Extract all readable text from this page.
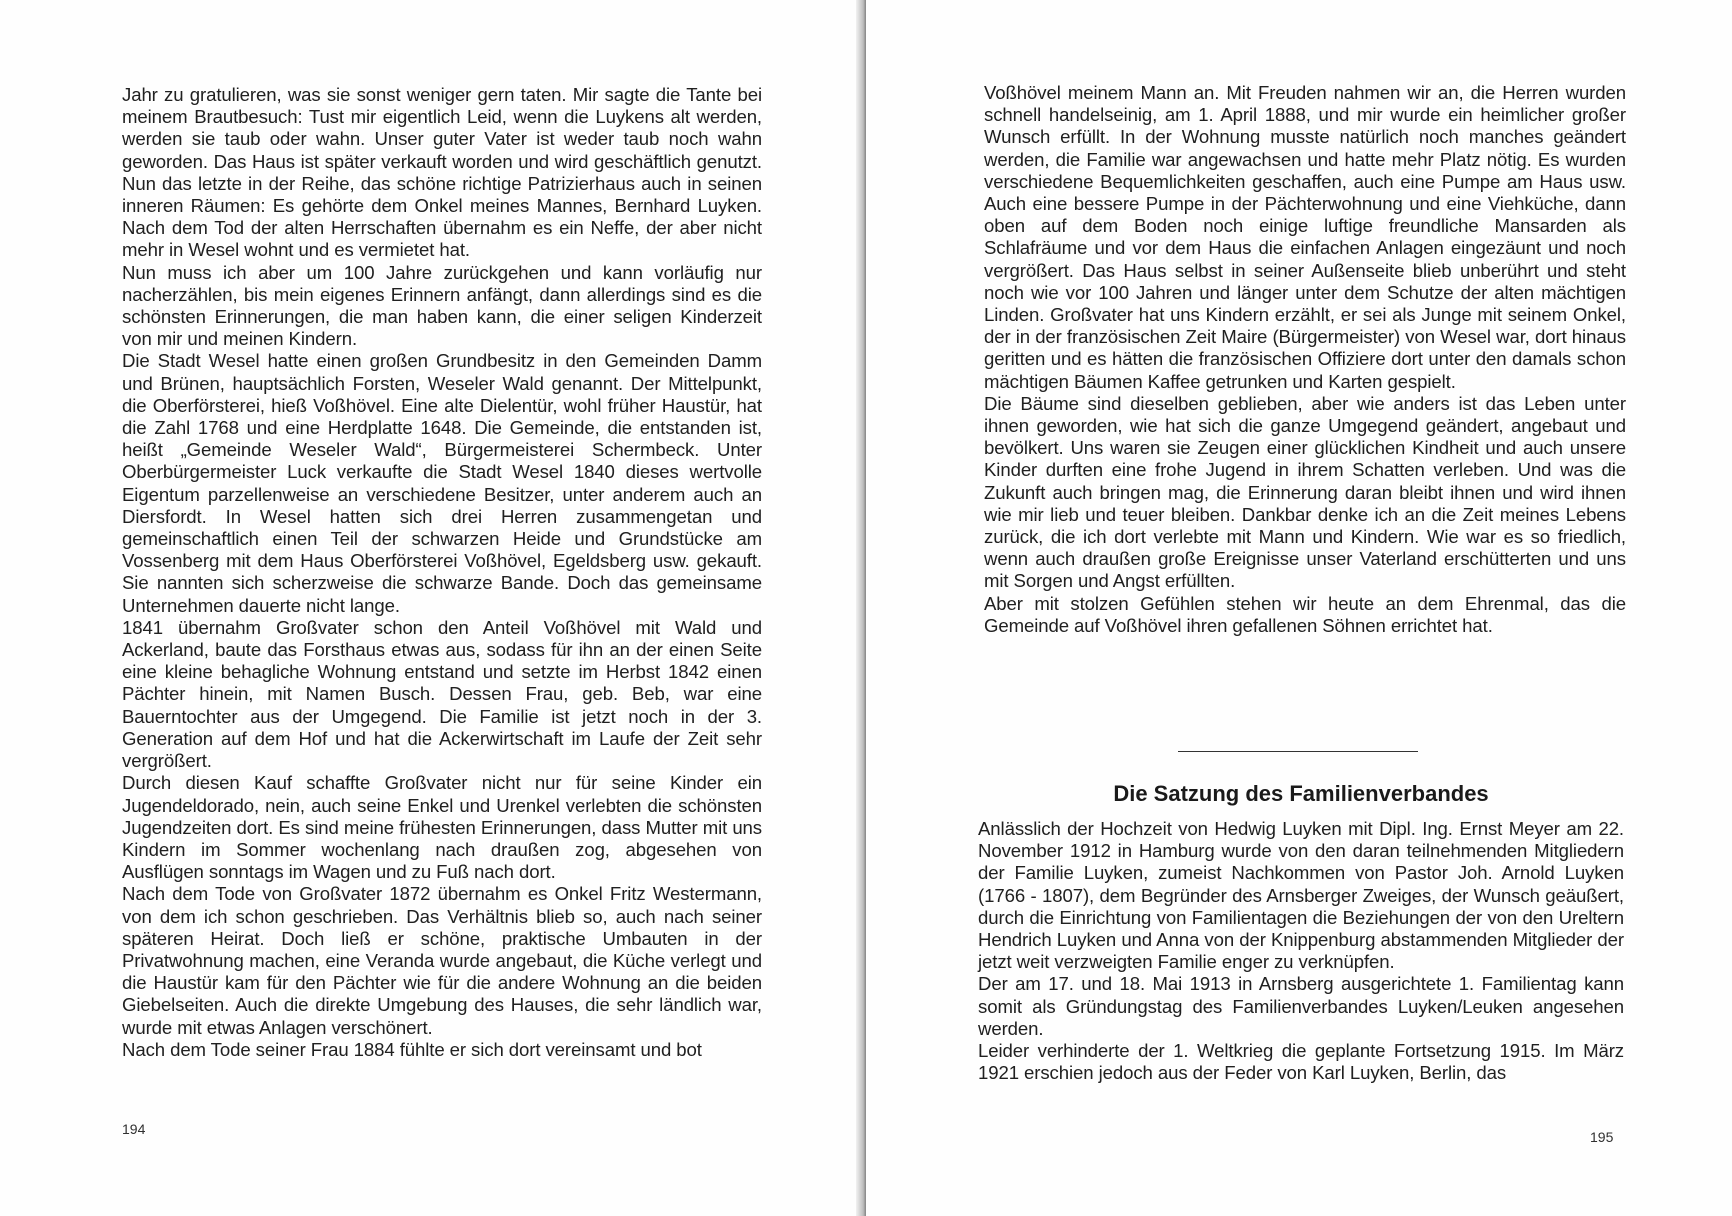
Jahr zu gratulieren, was sie sonst weniger gern taten. Mir sagte die Tante bei meinem Brautbesuch: Tust mir eigentlich Leid, wenn die Luykens alt werden, werden sie taub oder wahn. Unser guter Vater ist weder taub noch wahn geworden. Das Haus ist später verkauft worden und wird geschäftlich genutzt. Nun das letzte in der Reihe, das schöne richtige Patrizierhaus auch in seinen inneren Räumen: Es gehörte dem Onkel meines Mannes, Bernhard Luyken. Nach dem Tod der alten Herrschaften übernahm es ein Neffe, der aber nicht mehr in Wesel wohnt und es vermietet hat.

Nun muss ich aber um 100 Jahre zurückgehen und kann vorläufig nur nacherzählen, bis mein eigenes Erinnern anfängt, dann allerdings sind es die schönsten Erinnerungen, die man haben kann, die einer seligen Kinderzeit von mir und meinen Kindern.

Die Stadt Wesel hatte einen großen Grundbesitz in den Gemeinden Damm und Brünen, hauptsächlich Forsten, Weseler Wald genannt. Der Mittelpunkt, die Oberförsterei, hieß Voßhövel. Eine alte Dielentür, wohl früher Haustür, hat die Zahl 1768 und eine Herdplatte 1648. Die Gemeinde, die entstanden ist, heißt „Gemeinde Weseler Wald“, Bürgermeisterei Schermbeck. Unter Oberbürgermeister Luck verkaufte die Stadt Wesel 1840 dieses wertvolle Eigentum parzellenweise an verschiedene Besitzer, unter anderem auch an Diersfordt. In Wesel hatten sich drei Herren zusammengetan und gemeinschaftlich einen Teil der schwarzen Heide und Grundstücke am Vossenberg mit dem Haus Oberförsterei Voßhövel, Egeldsberg usw. gekauft. Sie nannten sich scherzweise die schwarze Bande. Doch das gemeinsame Unternehmen dauerte nicht lange.

1841 übernahm Großvater schon den Anteil Voßhövel mit Wald und Ackerland, baute das Forsthaus etwas aus, sodass für ihn an der einen Seite eine kleine behagliche Wohnung entstand und setzte im Herbst 1842 einen Pächter hinein, mit Namen Busch. Dessen Frau, geb. Beb, war eine Bauerntochter aus der Umgegend. Die Familie ist jetzt noch in der 3. Generation auf dem Hof und hat die Ackerwirtschaft im Laufe der Zeit sehr vergrößert.

Durch diesen Kauf schaffte Großvater nicht nur für seine Kinder ein Jugendeldorado, nein, auch seine Enkel und Urenkel verlebten die schönsten Jugendzeiten dort. Es sind meine frühesten Erinnerungen, dass Mutter mit uns Kindern im Sommer wochenlang nach draußen zog, abgesehen von Ausflügen sonntags im Wagen und zu Fuß nach dort.

Nach dem Tode von Großvater 1872 übernahm es Onkel Fritz Westermann, von dem ich schon geschrieben. Das Verhältnis blieb so, auch nach seiner späteren Heirat. Doch ließ er schöne, praktische Umbauten in der Privatwohnung machen, eine Veranda wurde angebaut, die Küche verlegt und die Haustür kam für den Pächter wie für die andere Wohnung an die beiden Giebelseiten. Auch die direkte Umgebung des Hauses, die sehr ländlich war, wurde mit etwas Anlagen verschönert.

Nach dem Tode seiner Frau 1884 fühlte er sich dort vereinsamt und bot

194

Voßhövel meinem Mann an. Mit Freuden nahmen wir an, die Herren wurden schnell handelseinig, am 1. April 1888, und mir wurde ein heimlicher großer Wunsch erfüllt. In der Wohnung musste natürlich noch manches geändert werden, die Familie war angewachsen und hatte mehr Platz nötig. Es wurden verschiedene Bequemlichkeiten geschaffen, auch eine Pumpe am Haus usw. Auch eine bessere Pumpe in der Pächterwohnung und eine Viehküche, dann oben auf dem Boden noch einige luftige freundliche Mansarden als Schlafräume und vor dem Haus die einfachen Anlagen eingezäunt und noch vergrößert. Das Haus selbst in seiner Außenseite blieb unberührt und steht noch wie vor 100 Jahren und länger unter dem Schutze der alten mächtigen Linden. Großvater hat uns Kindern erzählt, er sei als Junge mit seinem Onkel, der in der französischen Zeit Maire (Bürgermeister) von Wesel war, dort hinaus geritten und es hätten die französischen Offiziere dort unter den damals schon mächtigen Bäumen Kaffee getrunken und Karten gespielt.

Die Bäume sind dieselben geblieben, aber wie anders ist das Leben unter ihnen geworden, wie hat sich die ganze Umgegend geändert, angebaut und bevölkert. Uns waren sie Zeugen einer glücklichen Kindheit und auch unsere Kinder durften eine frohe Jugend in ihrem Schatten verleben. Und was die Zukunft auch bringen mag, die Erinnerung daran bleibt ihnen und wird ihnen wie mir lieb und teuer bleiben. Dankbar denke ich an die Zeit meines Lebens zurück, die ich dort verlebte mit Mann und Kindern. Wie war es so friedlich, wenn auch draußen große Ereignisse unser Vaterland erschütterten und uns mit Sorgen und Angst erfüllten.

Aber mit stolzen Gefühlen stehen wir heute an dem Ehrenmal, das die Gemeinde auf Voßhövel ihren gefallenen Söhnen errichtet hat.

Die Satzung des Familienverbandes

Anlässlich der Hochzeit von Hedwig Luyken mit Dipl. Ing. Ernst Meyer am 22. November 1912 in Hamburg wurde von den daran teilnehmenden Mitgliedern der Familie Luyken, zumeist Nachkommen von Pastor Joh. Arnold Luyken (1766 - 1807), dem Begründer des Arnsberger Zweiges, der Wunsch geäußert, durch die Einrichtung von Familientagen die Beziehungen der von den Ureltern Hendrich Luyken und Anna von der Knippenburg abstammenden Mitglieder der jetzt weit verzweigten Familie enger zu verknüpfen.

Der am 17. und 18. Mai 1913 in Arnsberg ausgerichtete 1. Familientag kann somit als Gründungstag des Familienverbandes Luyken/Leuken angesehen werden.

Leider verhinderte der 1. Weltkrieg die geplante Fortsetzung 1915. Im März 1921 erschien jedoch aus der Feder von Karl Luyken, Berlin, das

195
